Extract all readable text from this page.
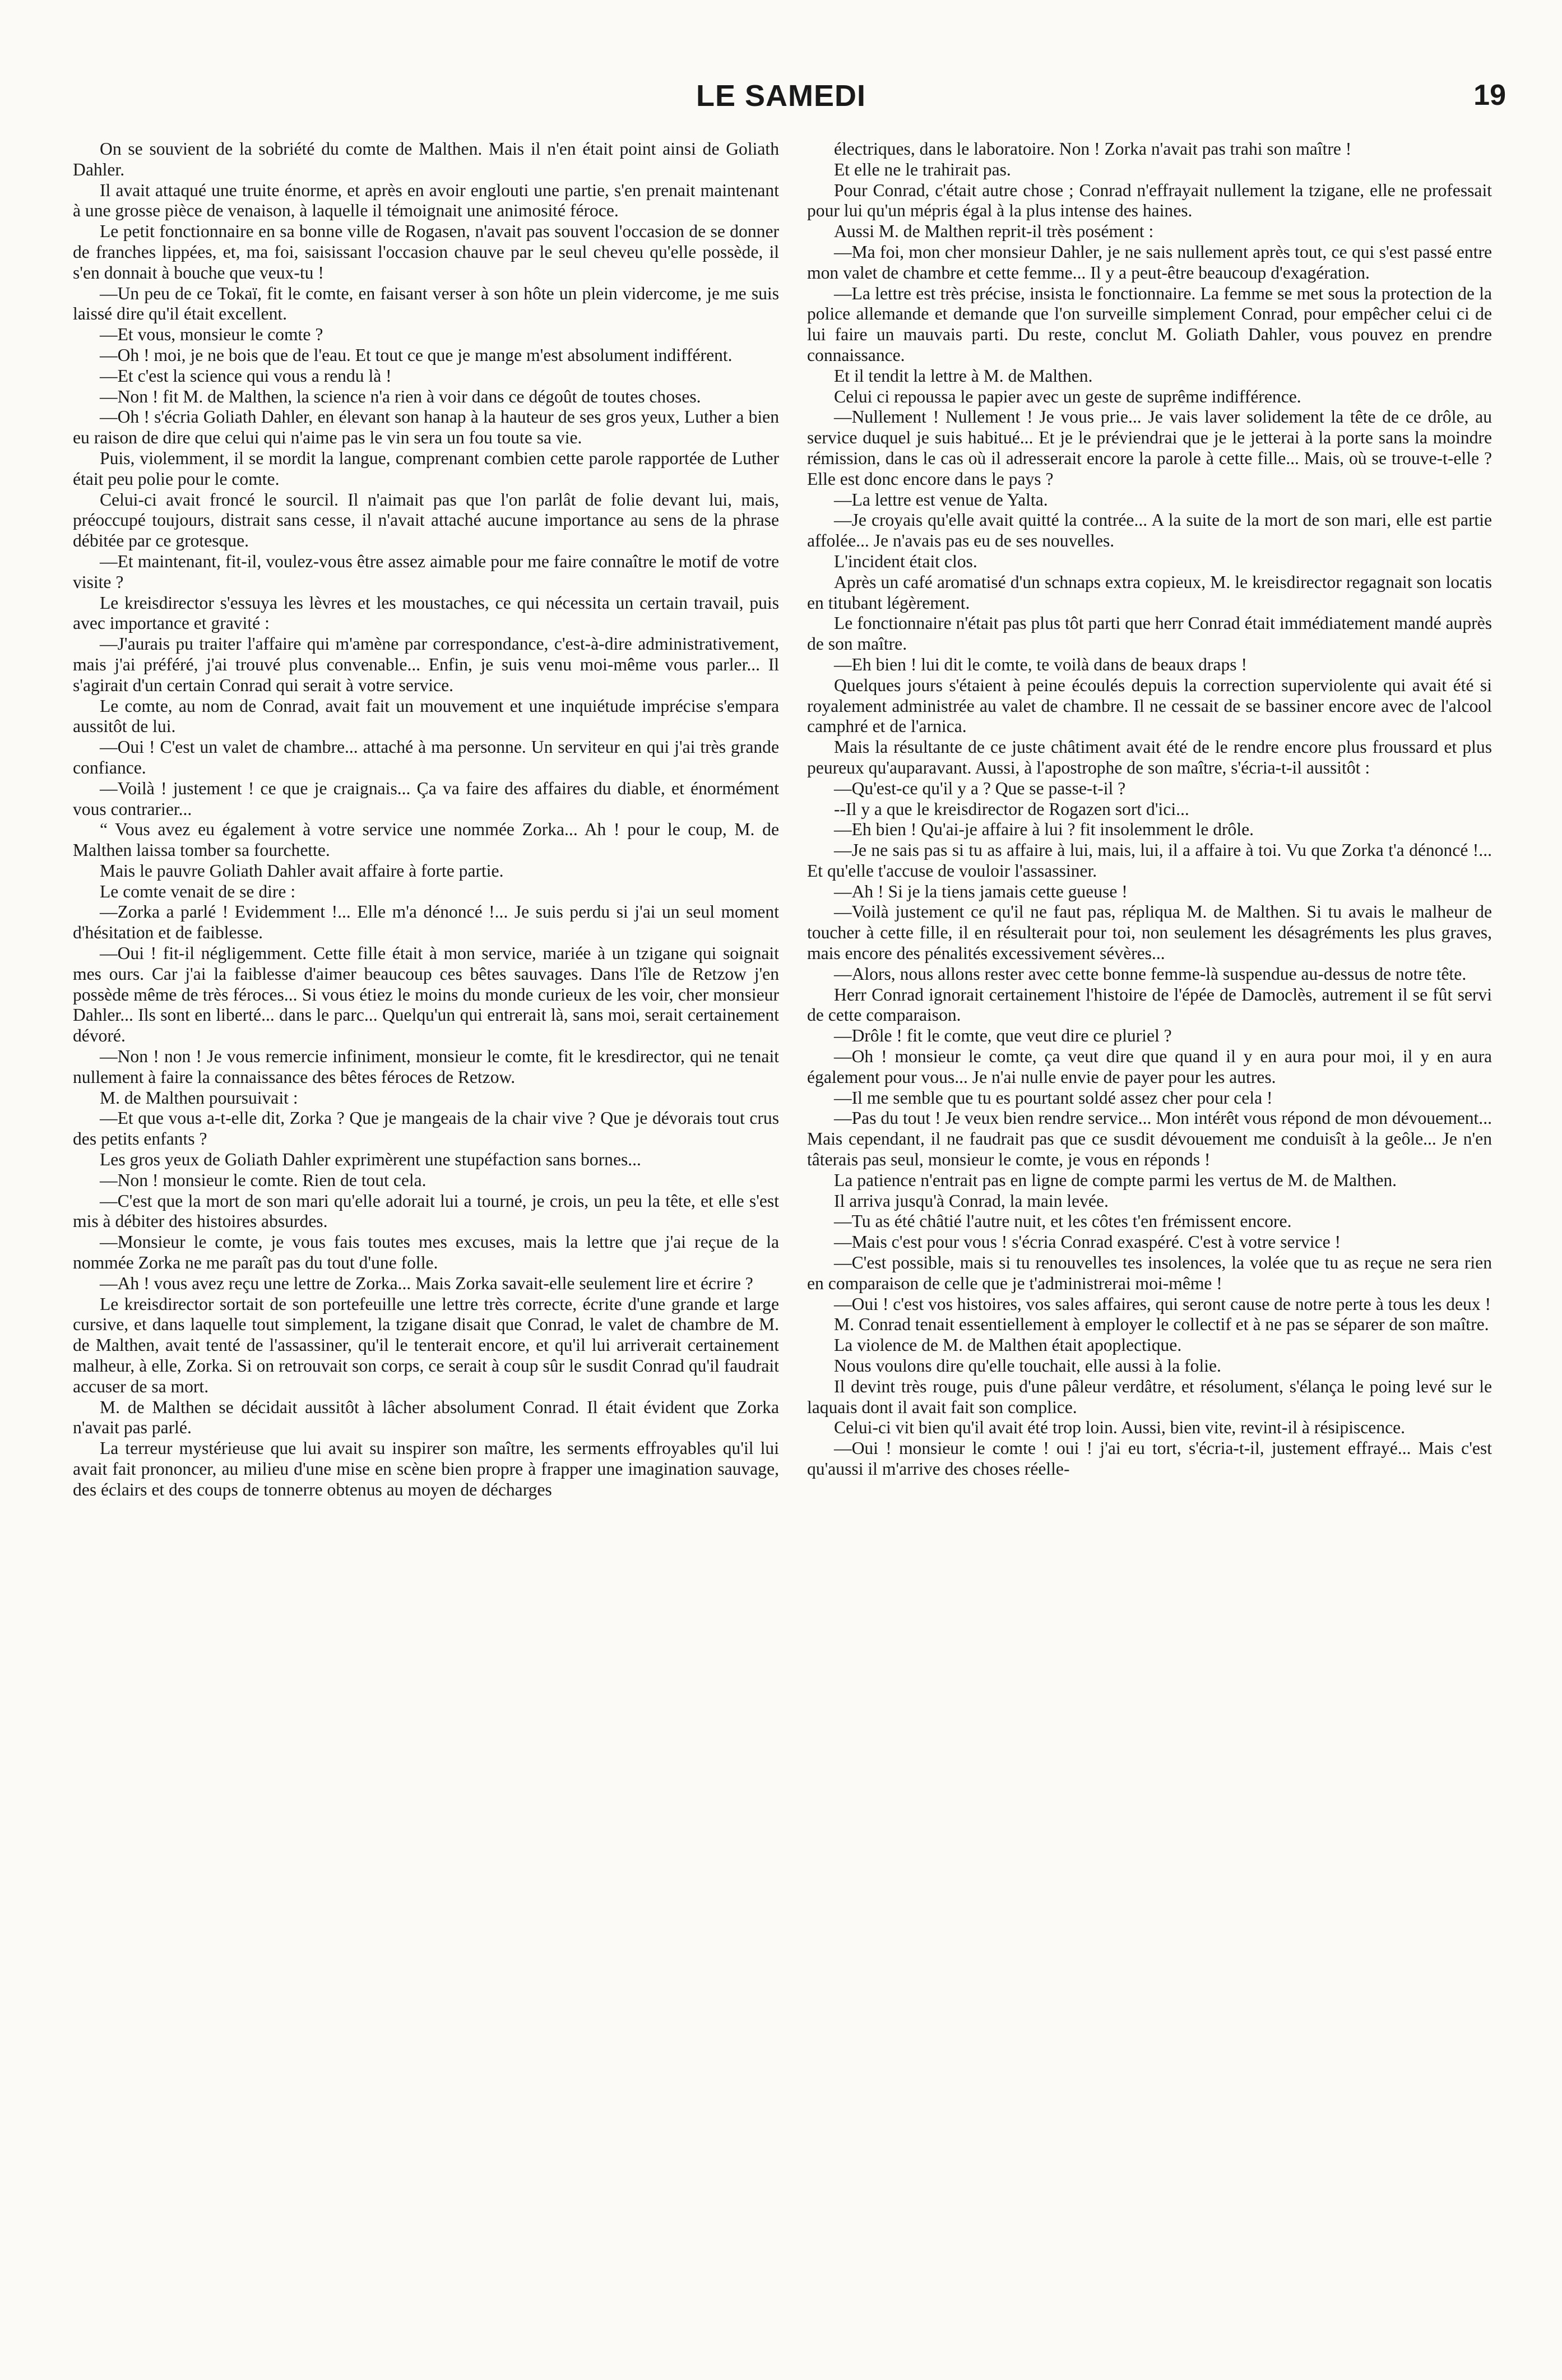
LE SAMEDI	19

On se souvient de la sobriété du comte de Malthen. Mais il n'en était point ainsi de Goliath Dahler.

Il avait attaqué une truite énorme, et après en avoir englouti une partie, s'en prenait maintenant à une grosse pièce de venaison, à laquelle il témoignait une animosité féroce.

Le petit fonctionnaire en sa bonne ville de Rogasen, n'avait pas souvent l'occasion de se donner de franches lippées, et, ma foi, saisissant l'occasion chauve par le seul cheveu qu'elle possède, il s'en donnait à bouche que veux-tu !

—Un peu de ce Tokaï, fit le comte, en faisant verser à son hôte un plein vidercome, je me suis laissé dire qu'il était excellent.

—Et vous, monsieur le comte ?

—Oh ! moi, je ne bois que de l'eau. Et tout ce que je mange m'est absolument indifférent.

—Et c'est la science qui vous a rendu là !

—Non ! fit M. de Malthen, la science n'a rien à voir dans ce dégoût de toutes choses.

—Oh ! s'écria Goliath Dahler, en élevant son hanap à la hauteur de ses gros yeux, Luther a bien eu raison de dire que celui qui n'aime pas le vin sera un fou toute sa vie.

Puis, violemment, il se mordit la langue, comprenant combien cette parole rapportée de Luther était peu polie pour le comte.

Celui-ci avait froncé le sourcil. Il n'aimait pas que l'on parlât de folie devant lui, mais, préoccupé toujours, distrait sans cesse, il n'avait attaché aucune importance au sens de la phrase débitée par ce grotesque.

—Et maintenant, fit-il, voulez-vous être assez aimable pour me faire connaître le motif de votre visite ?

Le kreisdirector s'essuya les lèvres et les moustaches, ce qui nécessita un certain travail, puis avec importance et gravité :

—J'aurais pu traiter l'affaire qui m'amène par correspondance, c'est-à-dire administrativement, mais j'ai préféré, j'ai trouvé plus convenable... Enfin, je suis venu moi-même vous parler... Il s'agirait d'un certain Conrad qui serait à votre service.

Le comte, au nom de Conrad, avait fait un mouvement et une inquiétude imprécise s'empara aussitôt de lui.

—Oui ! C'est un valet de chambre... attaché à ma personne. Un serviteur en qui j'ai très grande confiance.

—Voilà ! justement ! ce que je craignais... Ça va faire des affaires du diable, et énormément vous contrarier...

“ Vous avez eu également à votre service une nommée Zorka... Ah ! pour le coup, M. de Malthen laissa tomber sa fourchette.

Mais le pauvre Goliath Dahler avait affaire à forte partie.

Le comte venait de se dire :

—Zorka a parlé ! Evidemment !... Elle m'a dénoncé !... Je suis perdu si j'ai un seul moment d'hésitation et de faiblesse.

—Oui ! fit-il négligemment. Cette fille était à mon service, mariée à un tzigane qui soignait mes ours. Car j'ai la faiblesse d'aimer beaucoup ces bêtes sauvages. Dans l'île de Retzow j'en possède même de très féroces... Si vous étiez le moins du monde curieux de les voir, cher monsieur Dahler... Ils sont en liberté... dans le parc... Quelqu'un qui entrerait là, sans moi, serait certainement dévoré.

—Non ! non ! Je vous remercie infiniment, monsieur le comte, fit le kresdirector, qui ne tenait nullement à faire la connaissance des bêtes féroces de Retzow.

M. de Malthen poursuivait :

—Et que vous a-t-elle dit, Zorka ? Que je mangeais de la chair vive ? Que je dévorais tout crus des petits enfants ?

Les gros yeux de Goliath Dahler exprimèrent une stupéfaction sans bornes...

—Non ! monsieur le comte. Rien de tout cela.

—C'est que la mort de son mari qu'elle adorait lui a tourné, je crois, un peu la tête, et elle s'est mis à débiter des histoires absurdes.

—Monsieur le comte, je vous fais toutes mes excuses, mais la lettre que j'ai reçue de la nommée Zorka ne me paraît pas du tout d'une folle.

—Ah ! vous avez reçu une lettre de Zorka... Mais Zorka savait-elle seulement lire et écrire ?

Le kreisdirector sortait de son portefeuille une lettre très correcte, écrite d'une grande et large cursive, et dans laquelle tout simplement, la tzigane disait que Conrad, le valet de chambre de M. de Malthen, avait tenté de l'assassiner, qu'il le tenterait encore, et qu'il lui arriverait certainement malheur, à elle, Zorka. Si on retrouvait son corps, ce serait à coup sûr le susdit Conrad qu'il faudrait accuser de sa mort.

M. de Malthen se décidait aussitôt à lâcher absolument Conrad. Il était évident que Zorka n'avait pas parlé.

La terreur mystérieuse que lui avait su inspirer son maître, les serments effroyables qu'il lui avait fait prononcer, au milieu d'une mise en scène bien propre à frapper une imagination sauvage, des éclairs et des coups de tonnerre obtenus au moyen de décharges

électriques, dans le laboratoire. Non ! Zorka n'avait pas trahi son maître !

Et elle ne le trahirait pas.

Pour Conrad, c'était autre chose ; Conrad n'effrayait nullement la tzigane, elle ne professait pour lui qu'un mépris égal à la plus intense des haines.

Aussi M. de Malthen reprit-il très posément :

—Ma foi, mon cher monsieur Dahler, je ne sais nullement après tout, ce qui s'est passé entre mon valet de chambre et cette femme... Il y a peut-être beaucoup d'exagération.

—La lettre est très précise, insista le fonctionnaire. La femme se met sous la protection de la police allemande et demande que l'on surveille simplement Conrad, pour empêcher celui ci de lui faire un mauvais parti. Du reste, conclut M. Goliath Dahler, vous pouvez en prendre connaissance.

Et il tendit la lettre à M. de Malthen.

Celui ci repoussa le papier avec un geste de suprême indifférence.

—Nullement ! Nullement ! Je vous prie... Je vais laver solidement la tête de ce drôle, au service duquel je suis habitué... Et je le préviendrai que je le jetterai à la porte sans la moindre rémission, dans le cas où il adresserait encore la parole à cette fille... Mais, où se trouve-t-elle ? Elle est donc encore dans le pays ?

—La lettre est venue de Yalta.

—Je croyais qu'elle avait quitté la contrée... A la suite de la mort de son mari, elle est partie affolée... Je n'avais pas eu de ses nouvelles.

L'incident était clos.

Après un café aromatisé d'un schnaps extra copieux, M. le kreisdirector regagnait son locatis en titubant légèrement.

Le fonctionnaire n'était pas plus tôt parti que herr Conrad était immédiatement mandé auprès de son maître.

—Eh bien ! lui dit le comte, te voilà dans de beaux draps !

Quelques jours s'étaient à peine écoulés depuis la correction superviolente qui avait été si royalement administrée au valet de chambre. Il ne cessait de se bassiner encore avec de l'alcool camphré et de l'arnica.

Mais la résultante de ce juste châtiment avait été de le rendre encore plus froussard et plus peureux qu'auparavant. Aussi, à l'apostrophe de son maître, s'écria-t-il aussitôt :

—Qu'est-ce qu'il y a ? Que se passe-t-il ?

--Il y a que le kreisdirector de Rogazen sort d'ici...

—Eh bien ! Qu'ai-je affaire à lui ? fit insolemment le drôle.

—Je ne sais pas si tu as affaire à lui, mais, lui, il a affaire à toi. Vu que Zorka t'a dénoncé !... Et qu'elle t'accuse de vouloir l'assassiner.

—Ah ! Si je la tiens jamais cette gueuse !

—Voilà justement ce qu'il ne faut pas, répliqua M. de Malthen. Si tu avais le malheur de toucher à cette fille, il en résulterait pour toi, non seulement les désagréments les plus graves, mais encore des pénalités excessivement sévères...

—Alors, nous allons rester avec cette bonne femme-là suspendue au-dessus de notre tête.

Herr Conrad ignorait certainement l'histoire de l'épée de Damoclès, autrement il se fût servi de cette comparaison.

—Drôle ! fit le comte, que veut dire ce pluriel ?

—Oh ! monsieur le comte, ça veut dire que quand il y en aura pour moi, il y en aura également pour vous... Je n'ai nulle envie de payer pour les autres.

—Il me semble que tu es pourtant soldé assez cher pour cela !

—Pas du tout ! Je veux bien rendre service... Mon intérêt vous répond de mon dévouement... Mais cependant, il ne faudrait pas que ce susdit dévouement me conduisît à la geôle... Je n'en tâterais pas seul, monsieur le comte, je vous en réponds !

La patience n'entrait pas en ligne de compte parmi les vertus de M. de Malthen.

Il arriva jusqu'à Conrad, la main levée.

—Tu as été châtié l'autre nuit, et les côtes t'en frémissent encore.

—Mais c'est pour vous ! s'écria Conrad exaspéré. C'est à votre service !

—C'est possible, mais si tu renouvelles tes insolences, la volée que tu as reçue ne sera rien en comparaison de celle que je t'administrerai moi-même !

—Oui ! c'est vos histoires, vos sales affaires, qui seront cause de notre perte à tous les deux !

M. Conrad tenait essentiellement à employer le collectif et à ne pas se séparer de son maître.

La violence de M. de Malthen était apoplectique.

Nous voulons dire qu'elle touchait, elle aussi à la folie.

Il devint très rouge, puis d'une pâleur verdâtre, et résolument, s'élança le poing levé sur le laquais dont il avait fait son complice.

Celui-ci vit bien qu'il avait été trop loin. Aussi, bien vite, revint-il à résipiscence.

—Oui ! monsieur le comte ! oui ! j'ai eu tort, s'écria-t-il, justement effrayé... Mais c'est qu'aussi il m'arrive des choses réelle-
